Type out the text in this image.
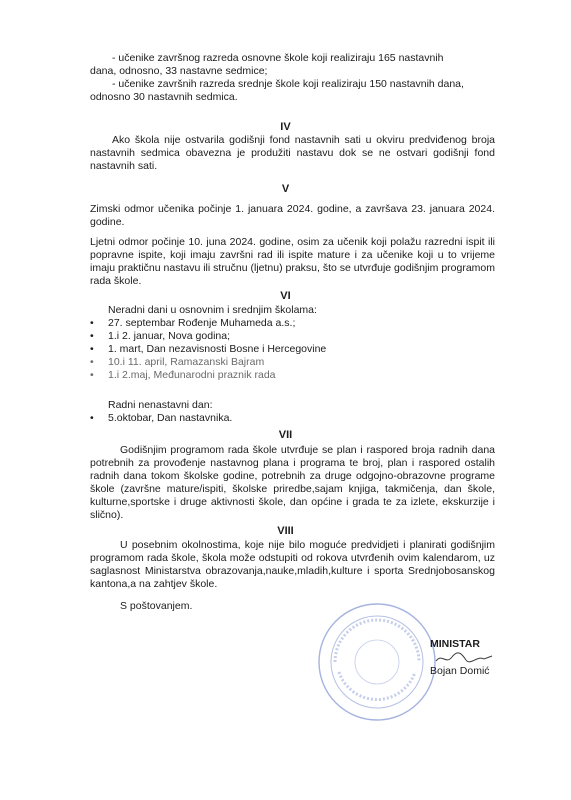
- učenike završnog razreda osnovne škole koji realiziraju 165 nastavnih

dana, odnosno, 33 nastavne sedmice;

- učenike završnih razreda srednje škole koji realiziraju 150 nastavnih dana,

odnosno 30 nastavnih sedmica.

IV

Ako škola nije ostvarila godišnji fond nastavnih sati u okviru predviđenog broja nastavnih sedmica obavezna je produžiti nastavu dok se ne ostvari godišnji fond nastavnih sati.

V

Zimski odmor učenika počinje 1. januara 2024. godine, a završava 23. januara 2024. godine.

Ljetni odmor počinje 10. juna 2024. godine, osim za učenik koji polažu razredni ispit ili popravne ispite, koji imaju završni rad ili ispite mature i za učenike koji u to vrijeme imaju praktičnu nastavu ili stručnu (ljetnu) praksu, što se utvrđuje godišnjim programom rada škole.

VI

Neradni dani u osnovnim i srednjim školama:

• 27. septembar Rođenje Muhameda a.s.;
• 1.i 2. januar, Nova godina;
• 1. mart, Dan nezavisnosti Bosne i Hercegovine
• 10.i 11. april, Ramazanski Bajram
• 1.i 2.maj, Međunarodni praznik rada

Radni nenastavni dan:

• 5.oktobar, Dan nastavnika.
VII

Godišnjim programom rada škole utvrđuje se plan i raspored broja radnih dana potrebnih za provođenje nastavnog plana i programa te broj, plan i raspored ostalih radnih dana tokom školske godine, potrebnih za druge odgojno-obrazovne programe škole (završne mature/ispiti, školske priredbe,sajam knjiga, takmičenja, dan škole, kulturne,sportske i druge aktivnosti škole, dan općine i grada te za izlete, ekskurzije i slično).

VIII

U posebnim okolnostima, koje nije bilo moguće predvidjeti i planirati godišnjim programom rada škole, škola može odstupiti od rokova utvrđenih ovim kalendarom, uz saglasnost Ministarstva obrazovanja,nauke,mladih,kulture i sporta Srednjobosanskog kantona,a na zahtjev škole.

S poštovanjem.

MINISTAR
Bojan Domić
